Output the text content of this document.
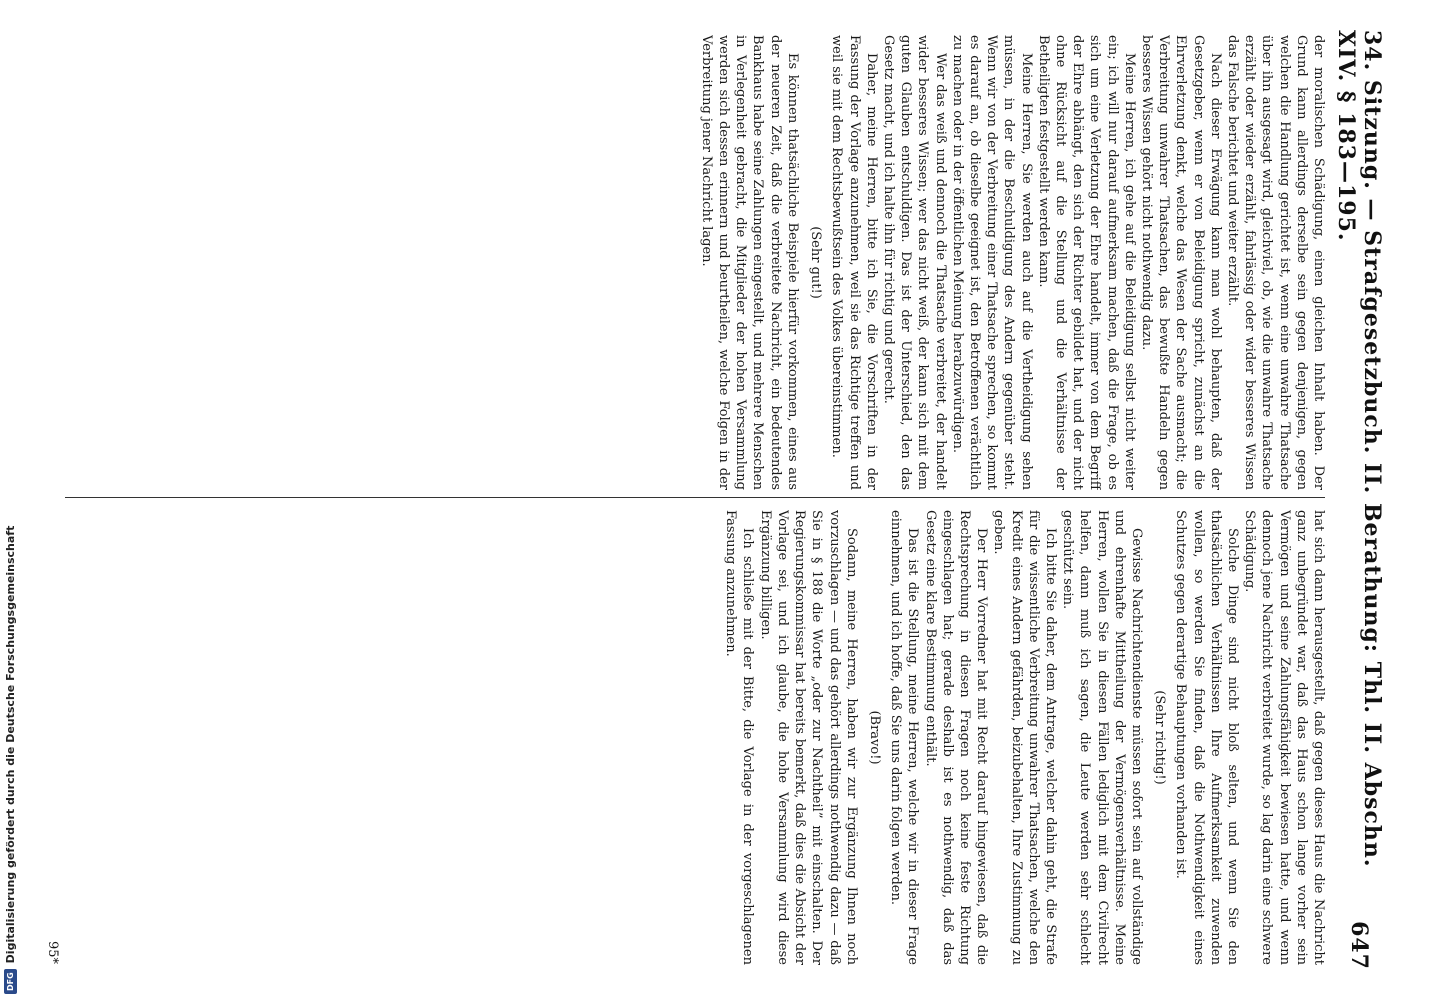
34. Sitzung. — Strafgesetzbuch. II. Berathung: Thl. II. Abschn. XIV. § 183—195.
647

der moralischen Schädigung, einen gleichen Inhalt haben. Der Grund kann allerdings derselbe sein gegen denjenigen, gegen welchen die Handlung gerichtet ist, wenn eine unwahre Thatsache über ihn ausgesagt wird, gleichviel, ob, wie die unwahre Thatsache erzählt oder wieder erzählt, fahrlässig oder wider besseres Wissen das Falsche berichtet und weiter erzählt.

Nach dieser Erwägung kann man wohl behaupten, daß der Gesetzgeber, wenn er von Beleidigung spricht, zunächst an die Ehrverletzung denkt, welche das Wesen der Sache ausmacht; die Verbreitung unwahrer Thatsachen, das bewußte Handeln gegen besseres Wissen gehört nicht nothwendig dazu.

Meine Herren, ich gehe auf die Beleidigung selbst nicht weiter ein; ich will nur darauf aufmerksam machen, daß die Frage, ob es sich um eine Verletzung der Ehre handelt, immer von dem Begriff der Ehre abhängt, den sich der Richter gebildet hat, und der nicht ohne Rücksicht auf die Stellung und die Verhältnisse der Betheiligten festgestellt werden kann.

Meine Herren, Sie werden auch auf die Vertheidigung sehen müssen, in der die Beschuldigung des Andern gegenüber steht. Wenn wir von der Verbreitung einer Thatsache sprechen, so kommt es darauf an, ob dieselbe geeignet ist, den Betroffenen verächtlich zu machen oder in der öffentlichen Meinung herabzuwürdigen.

Wer das weiß und dennoch die Thatsache verbreitet, der handelt wider besseres Wissen; wer das nicht weiß, der kann sich mit dem guten Glauben entschuldigen. Das ist der Unterschied, den das Gesetz macht, und ich halte ihn für richtig und gerecht.

Daher, meine Herren, bitte ich Sie, die Vorschriften in der Fassung der Vorlage anzunehmen, weil sie das Richtige treffen und weil sie mit dem Rechtsbewußtsein des Volkes übereinstimmen.

(Sehr gut!)

Es können thatsächliche Beispiele hierfür vorkommen, eines aus der neueren Zeit, daß die verbreitete Nachricht, ein bedeutendes Bankhaus habe seine Zahlungen eingestellt, und mehrere Menschen in Verlegenheit gebracht, die Mitglieder der hohen Versammlung werden sich dessen erinnern und beurtheilen, welche Folgen in der Verbreitung jener Nachricht lagen.

hat sich dann herausgestellt, daß gegen dieses Haus die Nachricht ganz unbegründet war, daß das Haus schon lange vorher sein Vermögen und seine Zahlungsfähigkeit bewiesen hatte, und wenn dennoch jene Nachricht verbreitet wurde, so lag darin eine schwere Schädigung.

Solche Dinge sind nicht bloß selten, und wenn Sie den thatsächlichen Verhältnissen Ihre Aufmerksamkeit zuwenden wollen, so werden Sie finden, daß die Nothwendigkeit eines Schutzes gegen derartige Behauptungen vorhanden ist.

(Sehr richtig!)

Gewisse Nachrichtendienste müssen sofort sein auf vollständige und ehrenhafte Mittheilung der Vermögensverhältnisse. Meine Herren, wollen Sie in diesen Fällen lediglich mit dem Civilrecht helfen, dann muß ich sagen, die Leute werden sehr schlecht geschützt sein.

Ich bitte Sie daher, dem Antrage, welcher dahin geht, die Strafe für die wissentliche Verbreitung unwahrer Thatsachen, welche den Kredit eines Andern gefährden, beizubehalten, Ihre Zustimmung zu geben.

Der Herr Vorredner hat mit Recht darauf hingewiesen, daß die Rechtsprechung in diesen Fragen noch keine feste Richtung eingeschlagen hat; gerade deshalb ist es nothwendig, daß das Gesetz eine klare Bestimmung enthält.

Das ist die Stellung, meine Herren, welche wir in dieser Frage einnehmen, und ich hoffe, daß Sie uns darin folgen werden.

(Bravo!)

Sodann, meine Herren, haben wir zur Ergänzung Ihnen noch vorzuschlagen — und das gehört allerdings nothwendig dazu — daß Sie in § 188 die Worte „oder zur Nachtheil” mit einschalten. Der Regierungskommissar hat bereits bemerkt, daß dies die Absicht der Vorlage sei, und ich glaube, die hohe Versammlung wird diese Ergänzung billigen.

Ich schließe mit der Bitte, die Vorlage in der vorgeschlagenen Fassung anzunehmen.

95*
DFG
Digitalisierung gefördert durch die Deutsche Forschungsgemeinschaft
